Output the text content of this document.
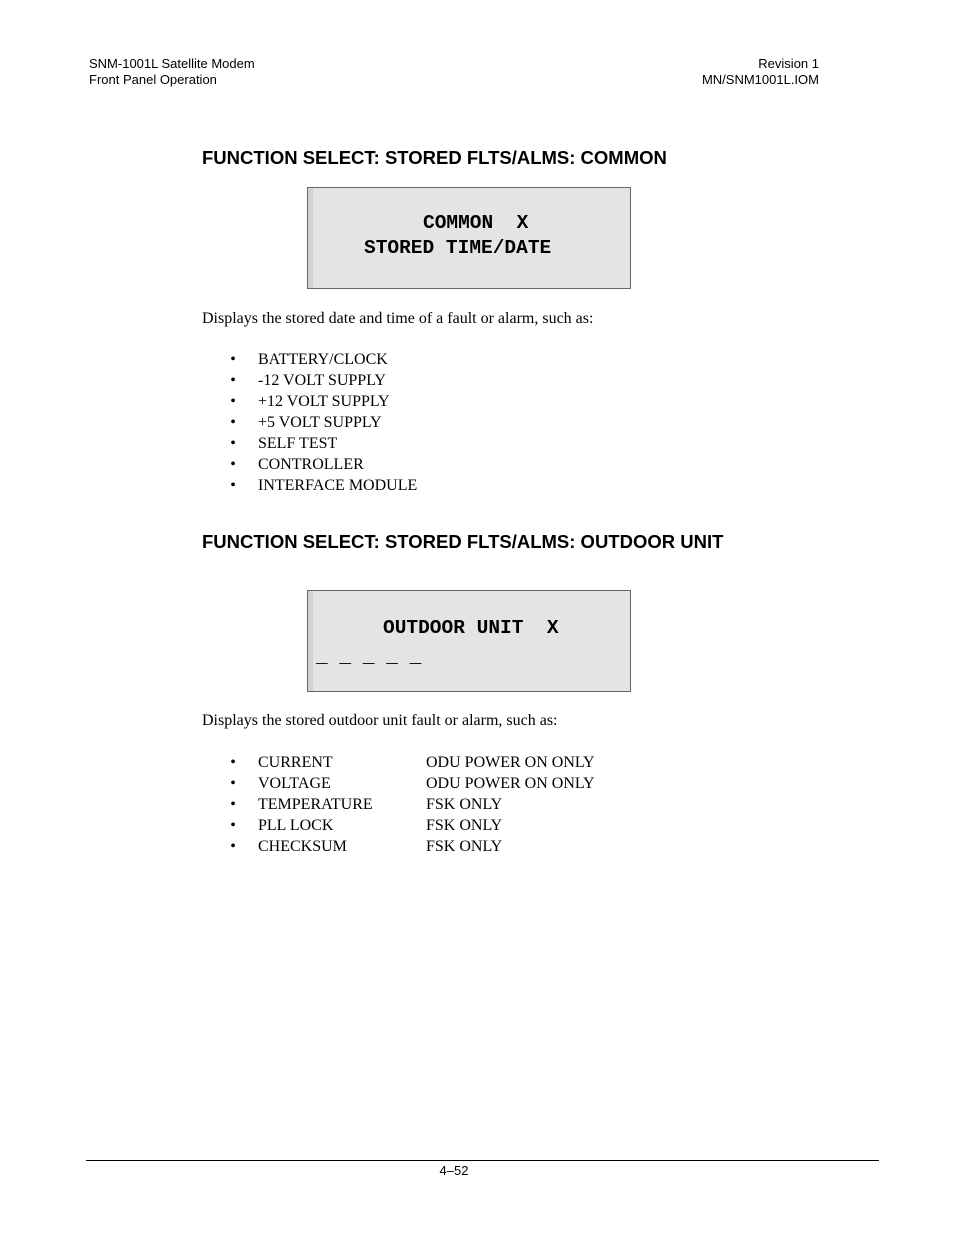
SNM-1001L Satellite Modem
Front Panel Operation
Revision 1
MN/SNM1001L.IOM
FUNCTION SELECT: STORED FLTS/ALMS: COMMON
COMMON  X
STORED TIME/DATE
Displays the stored date and time of a fault or alarm, such as:
• BATTERY/CLOCK
• -12 VOLT SUPPLY
• +12 VOLT SUPPLY
• +5 VOLT SUPPLY
• SELF TEST
• CONTROLLER
• INTERFACE MODULE
FUNCTION SELECT: STORED FLTS/ALMS: OUTDOOR UNIT
OUTDOOR UNIT  X
_ _ _ _ _
Displays the stored outdoor unit fault or alarm, such as:
• CURRENT	ODU POWER ON ONLY
• VOLTAGE	ODU POWER ON ONLY
• TEMPERATURE	FSK ONLY
• PLL LOCK	FSK ONLY
• CHECKSUM	FSK ONLY
4–52
